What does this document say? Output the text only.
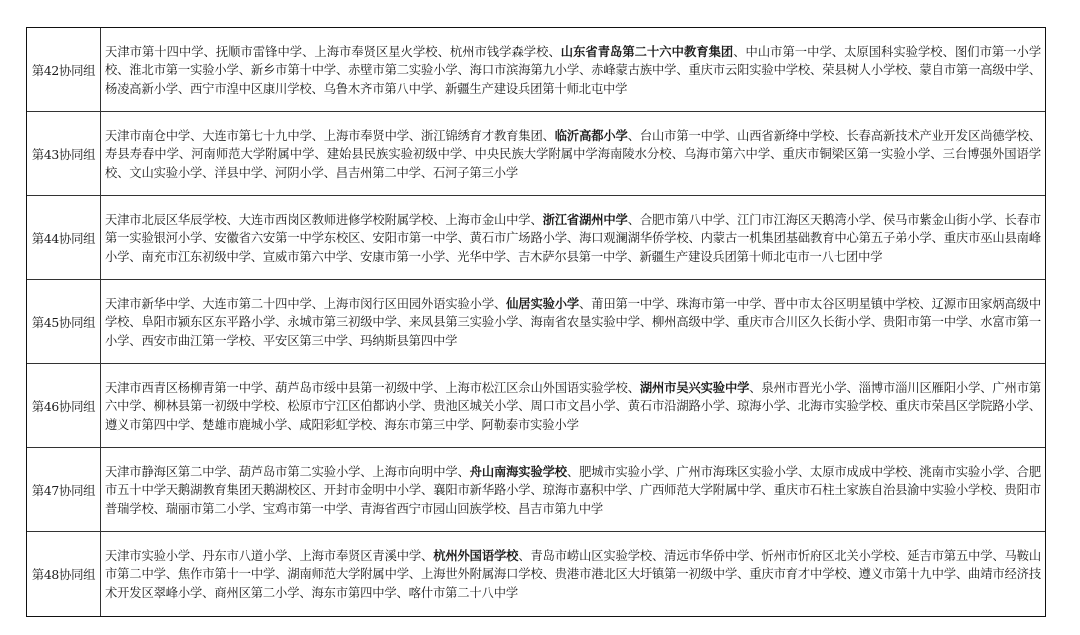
第42协同组
天津市第十四中学、抚顺市雷锋中学、上海市奉贤区星火学校、杭州市钱学森学校、山东省青岛第二十六中教育集团、中山市第一中学、太原国科实验学校、图们市第一小学校、淮北市第一实验小学、新乡市第十中学、赤壁市第二实验小学、海口市滨海第九小学、赤峰蒙古族中学、重庆市云阳实验中学校、荣县树人小学校、蒙自市第一高级中学、杨凌高新小学、西宁市湟中区康川学校、乌鲁木齐市第八中学、新疆生产建设兵团第十师北屯中学
第43协同组
天津市南仓中学、大连市第七十九中学、上海市奉贤中学、浙江锦绣育才教育集团、临沂高都小学、台山市第一中学、山西省新绛中学校、长春高新技术产业开发区尚德学校、寿县寿春中学、河南师范大学附属中学、建始县民族实验初级中学、中央民族大学附属中学海南陵水分校、乌海市第六中学、重庆市铜梁区第一实验小学、三台博强外国语学校、文山实验小学、洋县中学、河阴小学、昌吉州第二中学、石河子第三小学
第44协同组
天津市北辰区华辰学校、大连市西岗区教师进修学校附属学校、上海市金山中学、浙江省湖州中学、合肥市第八中学、江门市江海区天鹅湾小学、侯马市紫金山街小学、长春市第一实验银河小学、安徽省六安第一中学东校区、安阳市第一中学、黄石市广场路小学、海口观澜湖华侨学校、内蒙古一机集团基础教育中心第五子弟小学、重庆市巫山县南峰小学、南充市江东初级中学、宣威市第六中学、安康市第一小学、光华中学、吉木萨尔县第一中学、新疆生产建设兵团第十师北屯市一八七团中学
第45协同组
天津市新华中学、大连市第二十四中学、上海市闵行区田园外语实验小学、仙居实验小学、莆田第一中学、珠海市第一中学、晋中市太谷区明星镇中学校、辽源市田家炳高级中学校、阜阳市颍东区东平路小学、永城市第三初级中学、来凤县第三实验小学、海南省农垦实验中学、柳州高级中学、重庆市合川区久长街小学、贵阳市第一中学、水富市第一小学、西安市曲江第一学校、平安区第三中学、玛纳斯县第四中学
第46协同组
天津市西青区杨柳青第一中学、葫芦岛市绥中县第一初级中学、上海市松江区佘山外国语实验学校、湖州市吴兴实验中学、泉州市晋光小学、淄博市淄川区雁阳小学、广州市第六中学、柳林县第一初级中学校、松原市宁江区伯都讷小学、贵池区城关小学、周口市文昌小学、黄石市沿湖路小学、琼海小学、北海市实验学校、重庆市荣昌区学院路小学、遵义市第四中学、楚雄市鹿城小学、咸阳彩虹学校、海东市第三中学、阿勒泰市实验小学
第47协同组
天津市静海区第二中学、葫芦岛市第二实验小学、上海市向明中学、舟山南海实验学校、肥城市实验小学、广州市海珠区实验小学、太原市成成中学校、洮南市实验小学、合肥市五十中学天鹅湖教育集团天鹅湖校区、开封市金明中小学、襄阳市新华路小学、琼海市嘉积中学、广西师范大学附属中学、重庆市石柱土家族自治县渝中实验小学校、贵阳市普瑞学校、瑞丽市第二小学、宝鸡市第一中学、青海省西宁市园山回族学校、昌吉市第九中学
第48协同组
天津市实验小学、丹东市八道小学、上海市奉贤区青溪中学、杭州外国语学校、青岛市崂山区实验学校、清远市华侨中学、忻州市忻府区北关小学校、延吉市第五中学、马鞍山市第二中学、焦作市第十一中学、湖南师范大学附属中学、上海世外附属海口学校、贵港市港北区大圩镇第一初级中学、重庆市育才中学校、遵义市第十九中学、曲靖市经济技术开发区翠峰小学、商州区第二小学、海东市第四中学、喀什市第二十八中学
